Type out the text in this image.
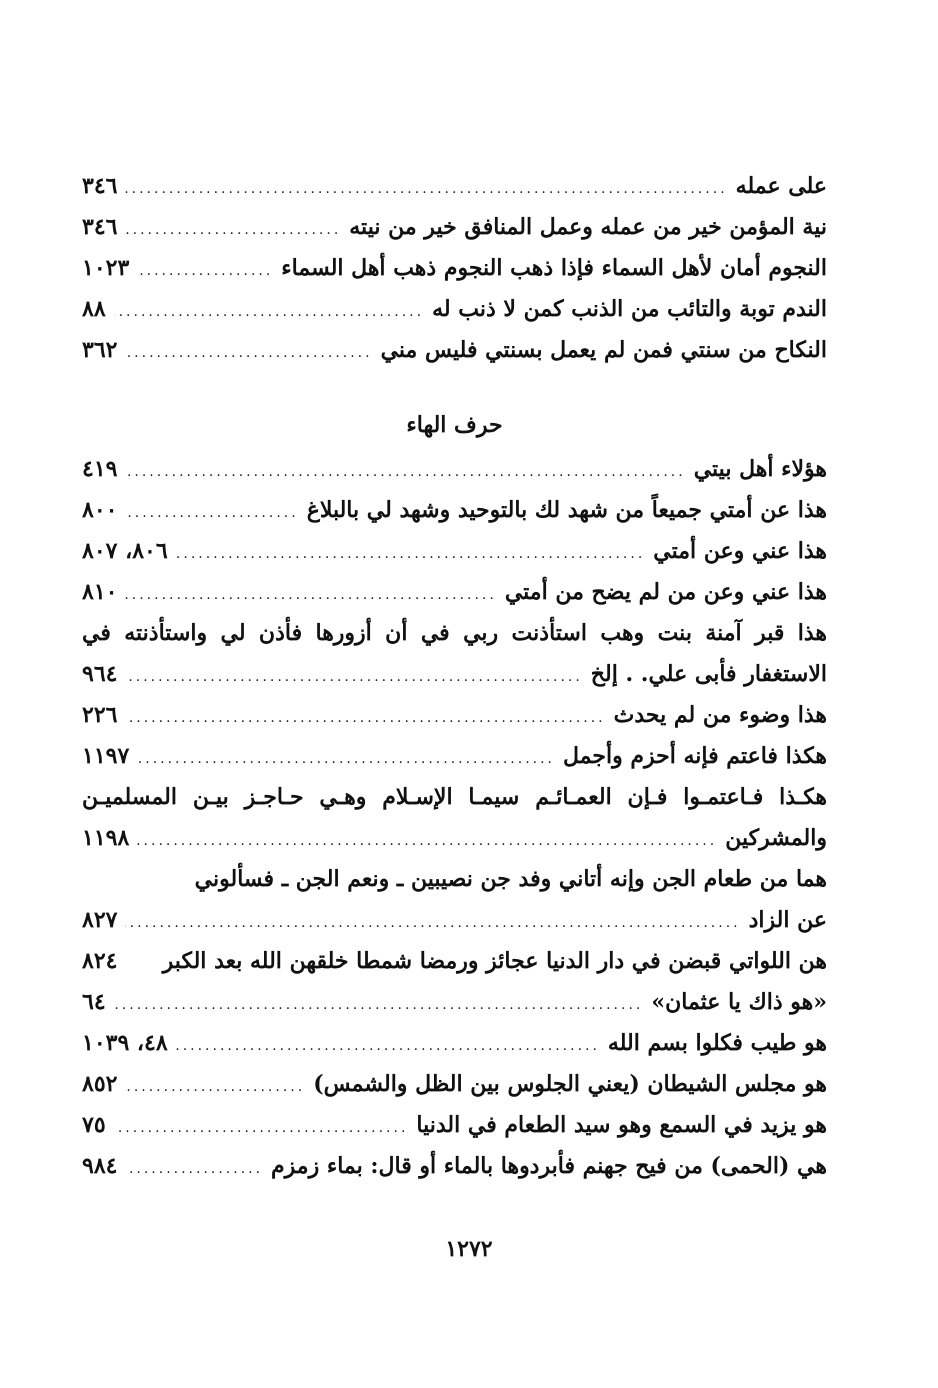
على عمله
.....
٣٤٦
نية المؤمن خير من عمله وعمل المنافق خير من نيته
.....
٣٤٦
النجوم أمان لأهل السماء فإذا ذهب النجوم ذهب أهل السماء
.....
١٠٢٣
الندم توبة والتائب من الذنب كمن لا ذنب له
.....
٨٨
النكاح من سنتي فمن لم يعمل بسنتي فليس مني
.....
٣٦٢
حرف الهاء
هؤلاء أهل بيتي
.....
٤١٩
هذا عن أمتي جميعاً من شهد لك بالتوحيد وشهد لي بالبلاغ
.....
٨٠٠
هذا عني وعن أمتي
.....
٨٠٦، ٨٠٧
هذا عني وعن من لم يضح من أمتي
.....
٨١٠
هذا قبر آمنة بنت وهب استأذنت ربي في أن أزورها فأذن لي واستأذنته في
الاستغفار فأبى علي. . إلخ
.....
٩٦٤
هذا وضوء من لم يحدث
.....
٢٢٦
هكذا فاعتم فإنه أحزم وأجمل
.....
١١٩٧
هكـذا فـاعتمـوا فـإن العمـائـم سيمـا الإسـلام وهـي حـاجـز بيـن المسلميـن
والمشركين
.....
١١٩٨
هما من طعام الجن وإنه أتاني وفد جن نصيبين ـ ونعم الجن ـ فسألوني
عن الزاد
.....
٨٢٧
هن اللواتي قبضن في دار الدنيا عجائز ورمضا شمطا خلقهن الله بعد الكبر
٨٢٤
«هو ذاك يا عثمان»
.....
٦٤
هو طيب فكلوا بسم الله
.....
٤٨، ١٠٣٩
هو مجلس الشيطان (يعني الجلوس بين الظل والشمس)
.....
٨٥٢
هو يزيد في السمع وهو سيد الطعام في الدنيا
.....
٧٥
هي (الحمى) من فيح جهنم فأبردوها بالماء أو قال: بماء زمزم
.....
٩٨٤
١٢٧٢
